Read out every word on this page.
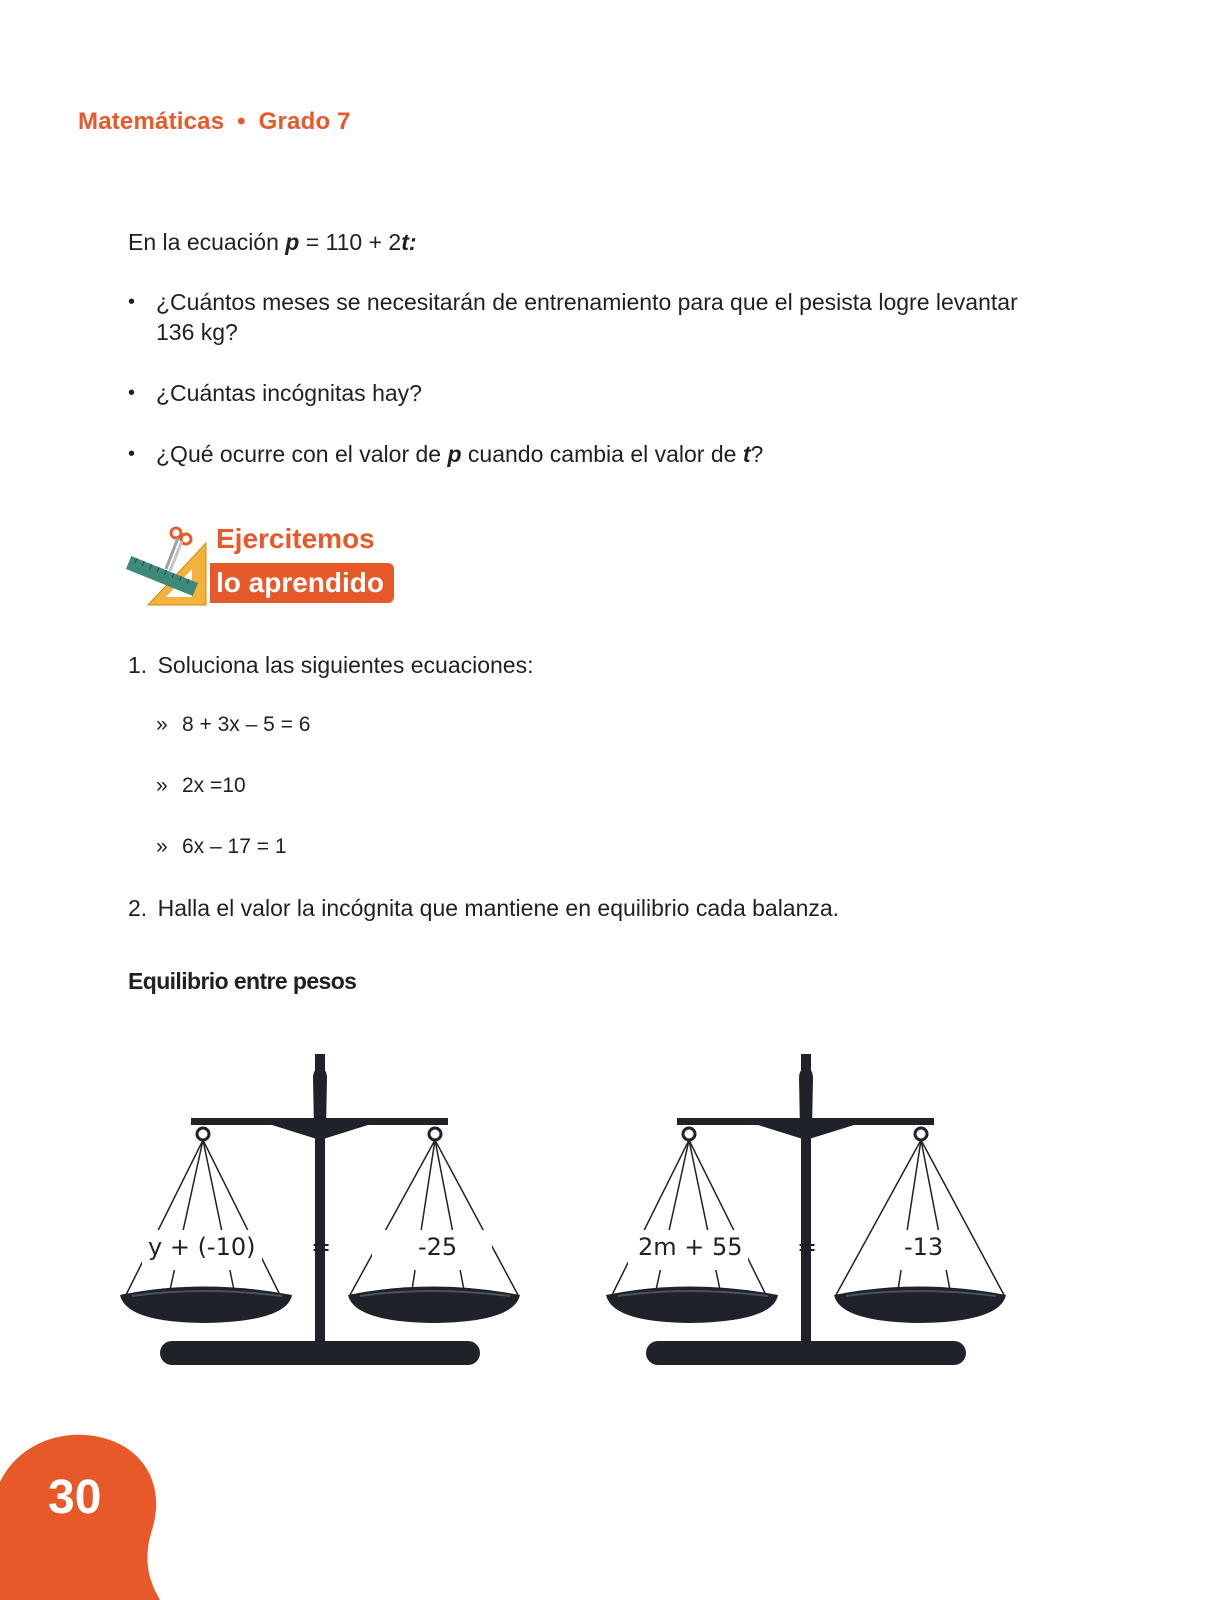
Matemáticas • Grado 7
En la ecuación p = 110 + 2t:
• ¿Cuántos meses se necesitarán de entrenamiento para que el pesista logre levantar 136 kg?
• ¿Cuántas incógnitas hay?
• ¿Qué ocurre con el valor de p cuando cambia el valor de t?
Ejercitemos
lo aprendido
1. Soluciona las siguientes ecuaciones:
» 8 + 3x – 5 = 6
» 2x =10
» 6x – 17 = 1
2. Halla el valor la incógnita que mantiene en equilibrio cada balanza.
Equilibrio entre pesos
y + (-10) =	-25	2m + 55 =	-13
30
